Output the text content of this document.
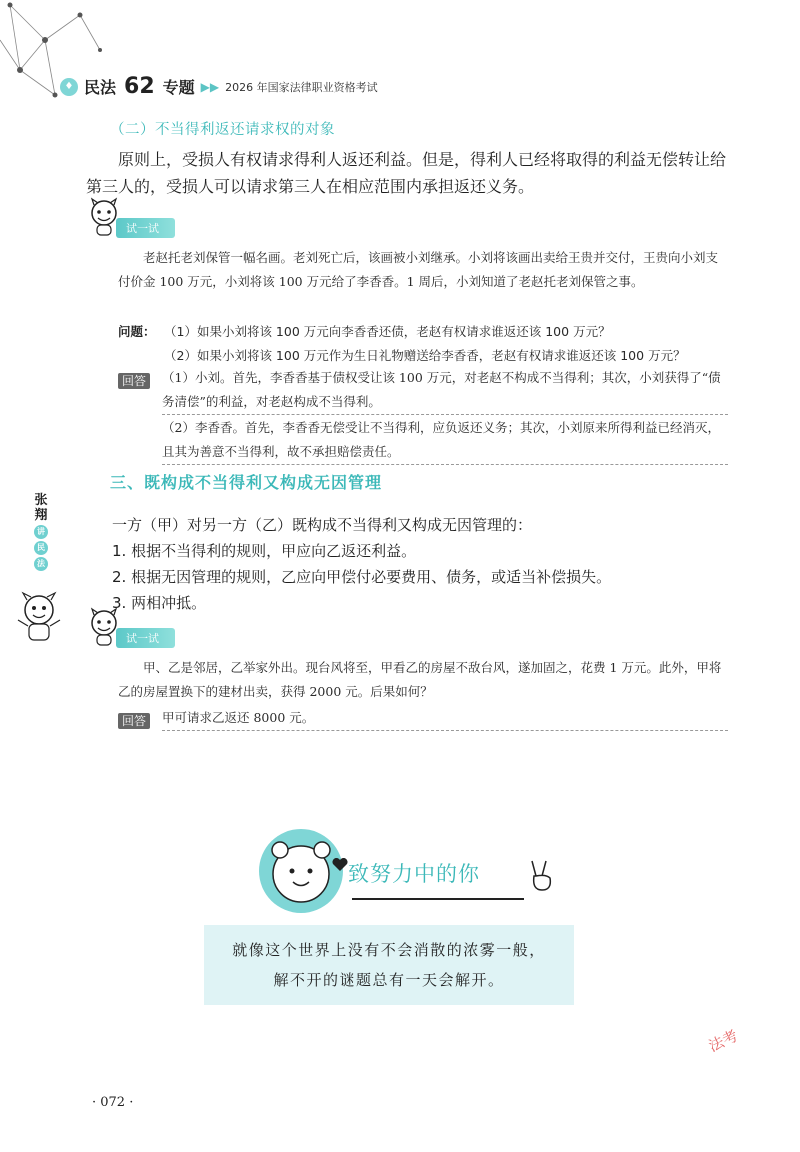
♦ 民法 62 专题 ▶▶ 2026 年国家法律职业资格考试
（二）不当得利返还请求权的对象

原则上，受损人有权请求得利人返还利益。但是，得利人已经将取得的利益无偿转让给第三人的，受损人可以请求第三人在相应范围内承担返还义务。

试一试

老赵托老刘保管一幅名画。老刘死亡后，该画被小刘继承。小刘将该画出卖给王贵并交付，王贵向小刘支付价金 100 万元，小刘将该 100 万元给了李香香。1 周后，小刘知道了老赵托老刘保管之事。

问题： （1）如果小刘将该 100 万元向李香香还债，老赵有权请求谁返还该 100 万元？
（2）如果小刘将该 100 万元作为生日礼物赠送给李香香，老赵有权请求谁返还该 100 万元？
回答	（1）小刘。首先，李香香基于债权受让该 100 万元，对老赵不构成不当得利；其次，小刘获得了“债务清偿”的利益，对老赵构成不当得利。

（2）李香香。首先，李香香无偿受让不当得利，应负返还义务；其次，小刘原来所得利益已经消灭，且其为善意不当得利，故不承担赔偿责任。

三、既构成不当得利又构成无因管理
一方（甲）对另一方（乙）既构成不当得利又构成无因管理的：
1. 根据不当得利的规则，甲应向乙返还利益。
2. 根据无因管理的规则，乙应向甲偿付必要费用、债务，或适当补偿损失。
3. 两相冲抵。
张翔
讲
民
法
试一试

甲、乙是邻居，乙举家外出。现台风将至，甲看乙的房屋不敌台风，遂加固之，花费 1 万元。此外，甲将乙的房屋置换下的建材出卖，获得 2000 元。后果如何？

回答	甲可请求乙返还 8000 元。

致努力中的你
就像这个世界上没有不会消散的浓雾一般，
解不开的谜题总有一天会解开。
· 072 ·
法考
